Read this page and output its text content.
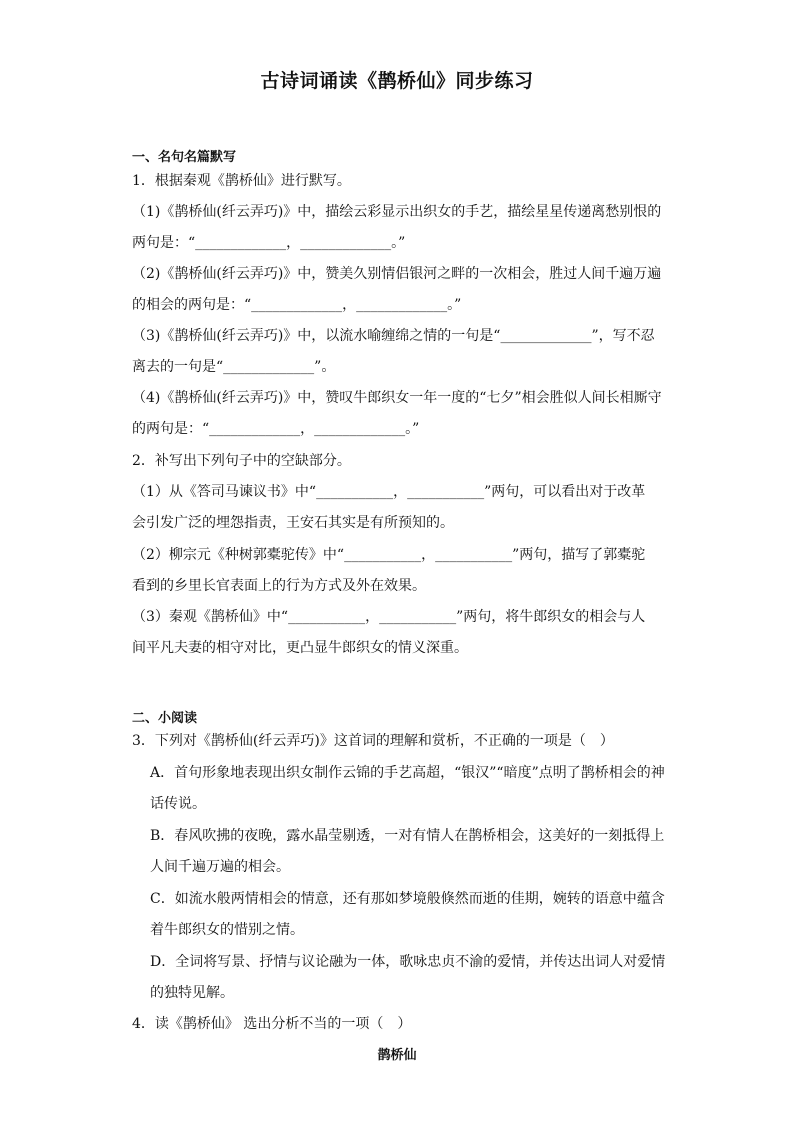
古诗词诵读《鹊桥仙》同步练习
一、名句名篇默写
1．根据秦观《鹊桥仙》进行默写。
（1)《鹊桥仙(纤云弄巧)》中，描绘云彩显示出织女的手艺，描绘星星传递离愁别恨的
两句是：“_____________，_____________。”
（2)《鹊桥仙(纤云弄巧)》中，赞美久别情侣银河之畔的一次相会，胜过人间千遍万遍
的相会的两句是：“_____________，_____________。”
（3)《鹊桥仙(纤云弄巧)》中，以流水喻缠绵之情的一句是“_____________”，写不忍
离去的一句是“_____________”。
（4)《鹊桥仙(纤云弄巧)》中，赞叹牛郎织女一年一度的“七夕”相会胜似人间长相厮守
的两句是：“_____________，_____________。”
2．补写出下列句子中的空缺部分。
（1）从《答司马谏议书》中“___________，___________”两句，可以看出对于改革
会引发广泛的埋怨指责，王安石其实是有所预知的。
（2）柳宗元《种树郭橐驼传》中“___________，___________”两句，描写了郭橐驼
看到的乡里长官表面上的行为方式及外在效果。
（3）秦观《鹊桥仙》中“___________，___________”两句，将牛郎织女的相会与人
间平凡夫妻的相守对比，更凸显牛郎织女的情义深重。
二、小阅读
3．下列对《鹊桥仙(纤云弄巧)》这首词的理解和赏析，不正确的一项是（　）
A．首句形象地表现出织女制作云锦的手艺高超，“银汉”“暗度”点明了鹊桥相会的神
话传说。
B．春风吹拂的夜晚，露水晶莹剔透，一对有情人在鹊桥相会，这美好的一刻抵得上
人间千遍万遍的相会。
C．如流水般两情相会的情意，还有那如梦境般倏然而逝的佳期，婉转的语意中蕴含
着牛郎织女的惜别之情。
D．全词将写景、抒情与议论融为一体，歌咏忠贞不渝的爱情，并传达出词人对爱情
的独特见解。
4．读《鹊桥仙》 选出分析不当的一项（　）
鹊桥仙
